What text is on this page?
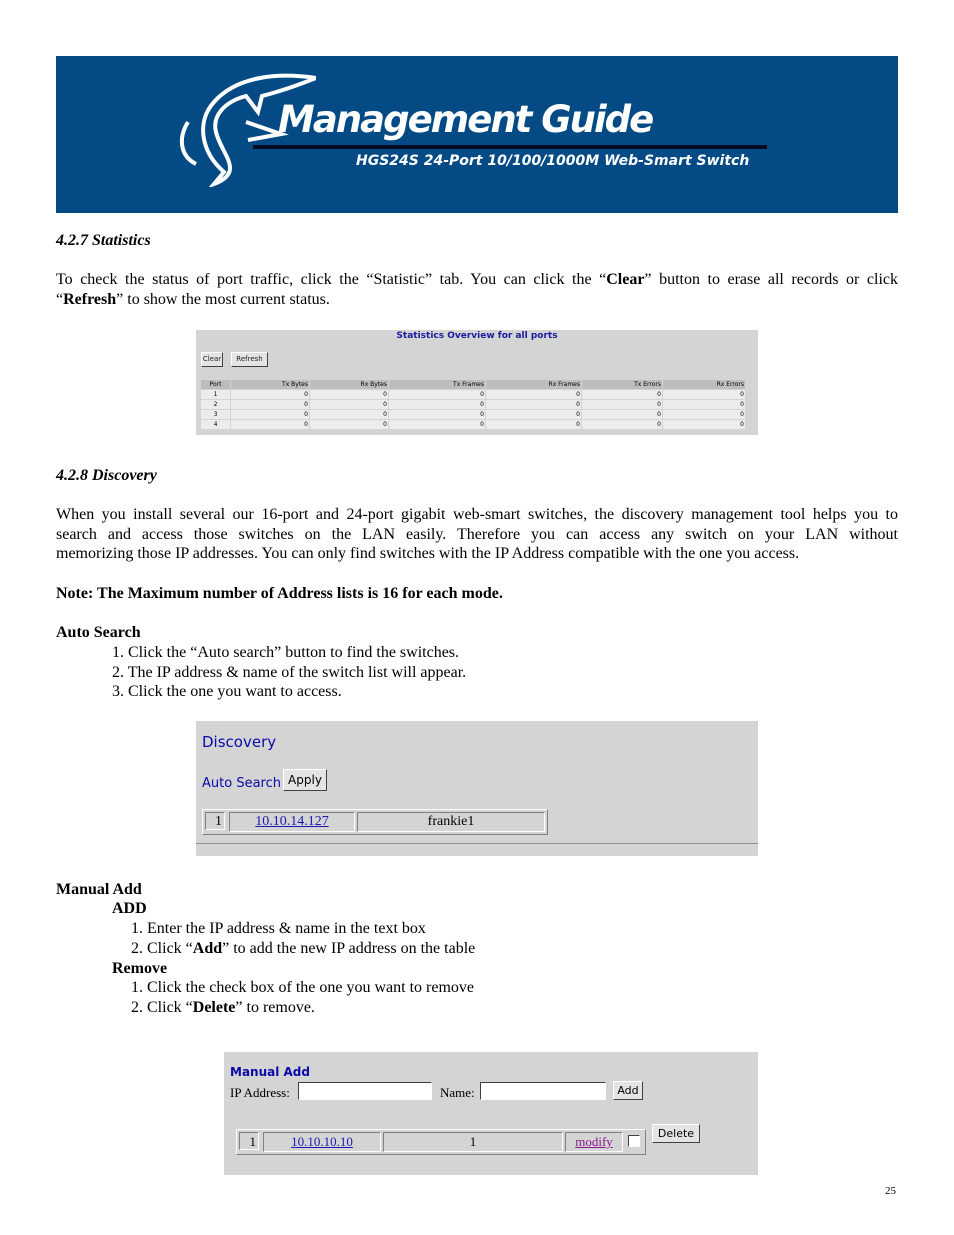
Management Guide
HGS24S 24-Port 10/100/1000M Web-Smart Switch
4.2.7 Statistics
To check the status of port traffic, click the “Statistic” tab. You can click the “Clear” button to erase all records or click
“Refresh” to show the most current status.
Statistics Overview for all ports
Clear	Refresh
Port	Tx Bytes	Rx Bytes	Tx Frames	Rx Frames	Tx Errors	Rx Errors
1	0	0	0	0	0	0
2	0	0	0	0	0	0
3	0	0	0	0	0	0
4	0	0	0	0	0	0
4.2.8 Discovery
When you install several our 16-port and 24-port gigabit web-smart switches, the discovery management tool helps you to
search and access those switches on the LAN easily. Therefore you can access any switch on your LAN without
memorizing those IP addresses. You can only find switches with the IP Address compatible with the one you access.
Note: The Maximum number of Address lists is 16 for each mode.
Auto Search
1. Click the “Auto search” button to find the switches.
2. The IP address & name of the switch list will appear.
3. Click the one you want to access.
Discovery
Auto Search Apply
1	10.10.14.127	frankie1
Manual Add
ADD
1. Enter the IP address & name in the text box
2. Click “Add” to add the new IP address on the table
Remove
1. Click the check box of the one you want to remove
2. Click “Delete” to remove.
Manual Add
IP Address:	Name:	Add
1	10.10.10.10	1	modify
Delete
25
